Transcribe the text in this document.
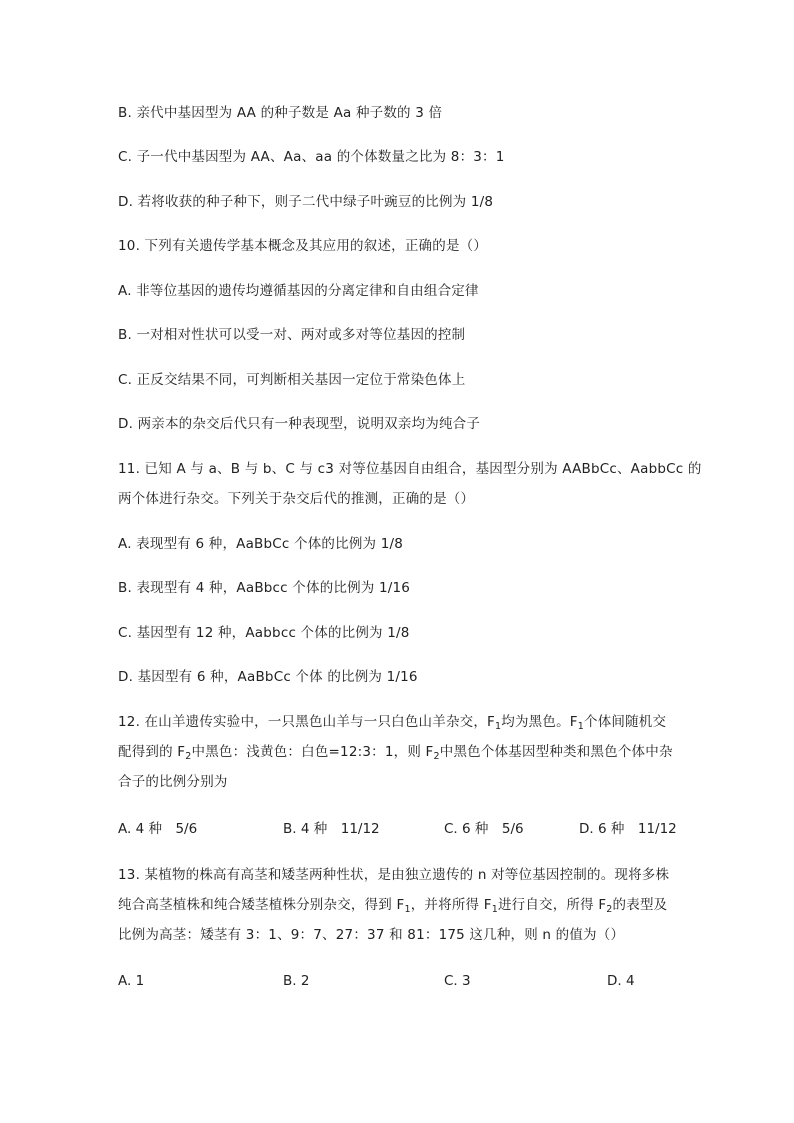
B. 亲代中基因型为 AA 的种子数是 Aa 种子数的 3 倍
C. 子一代中基因型为 AA、Aa、aa 的个体数量之比为 8：3：1
D. 若将收获的种子种下，则子二代中绿子叶豌豆的比例为 1/8
10. 下列有关遗传学基本概念及其应用的叙述，正确的是（）
A. 非等位基因的遗传均遵循基因的分离定律和自由组合定律
B. 一对相对性状可以受一对、两对或多对等位基因的控制
C. 正反交结果不同，可判断相关基因一定位于常染色体上
D. 两亲本的杂交后代只有一种表现型，说明双亲均为纯合子
11. 已知 A 与 a、B 与 b、C 与 c3 对等位基因自由组合，基因型分别为 AABbCc、AabbCc 的
两个体进行杂交。下列关于杂交后代的推测，正确的是（）
A. 表现型有 6 种，AaBbCc 个体的比例为 1/8
B. 表现型有 4 种，AaBbcc 个体的比例为 1/16
C. 基因型有 12 种，Aabbcc 个体的比例为 1/8
D. 基因型有 6 种，AaBbCc 个体 的比例为 1/16
12. 在山羊遗传实验中，一只黑色山羊与一只白色山羊杂交，$F_1$均为黑色。$F_1$个体间随机交
配得到的 $F_2$中黑色：浅黄色：白色=12:3：1，则 $F_2$中黑色个体基因型种类和黑色个体中杂
合子的比例分别为
A. 4 种　5/6	B. 4 种　11/12	C. 6 种　5/6	D. 6 种　11/12
13. 某植物的株高有高茎和矮茎两种性状，是由独立遗传的 n 对等位基因控制的。现将多株
纯合高茎植株和纯合矮茎植株分别杂交，得到 $F_1$，并将所得 $F_1$进行自交，所得 $F_2$的表型及
比例为高茎：矮茎有 3：1、9：7、27：37 和 81：175 这几种，则 n 的值为（）
A. 1	B. 2	C. 3	D. 4
